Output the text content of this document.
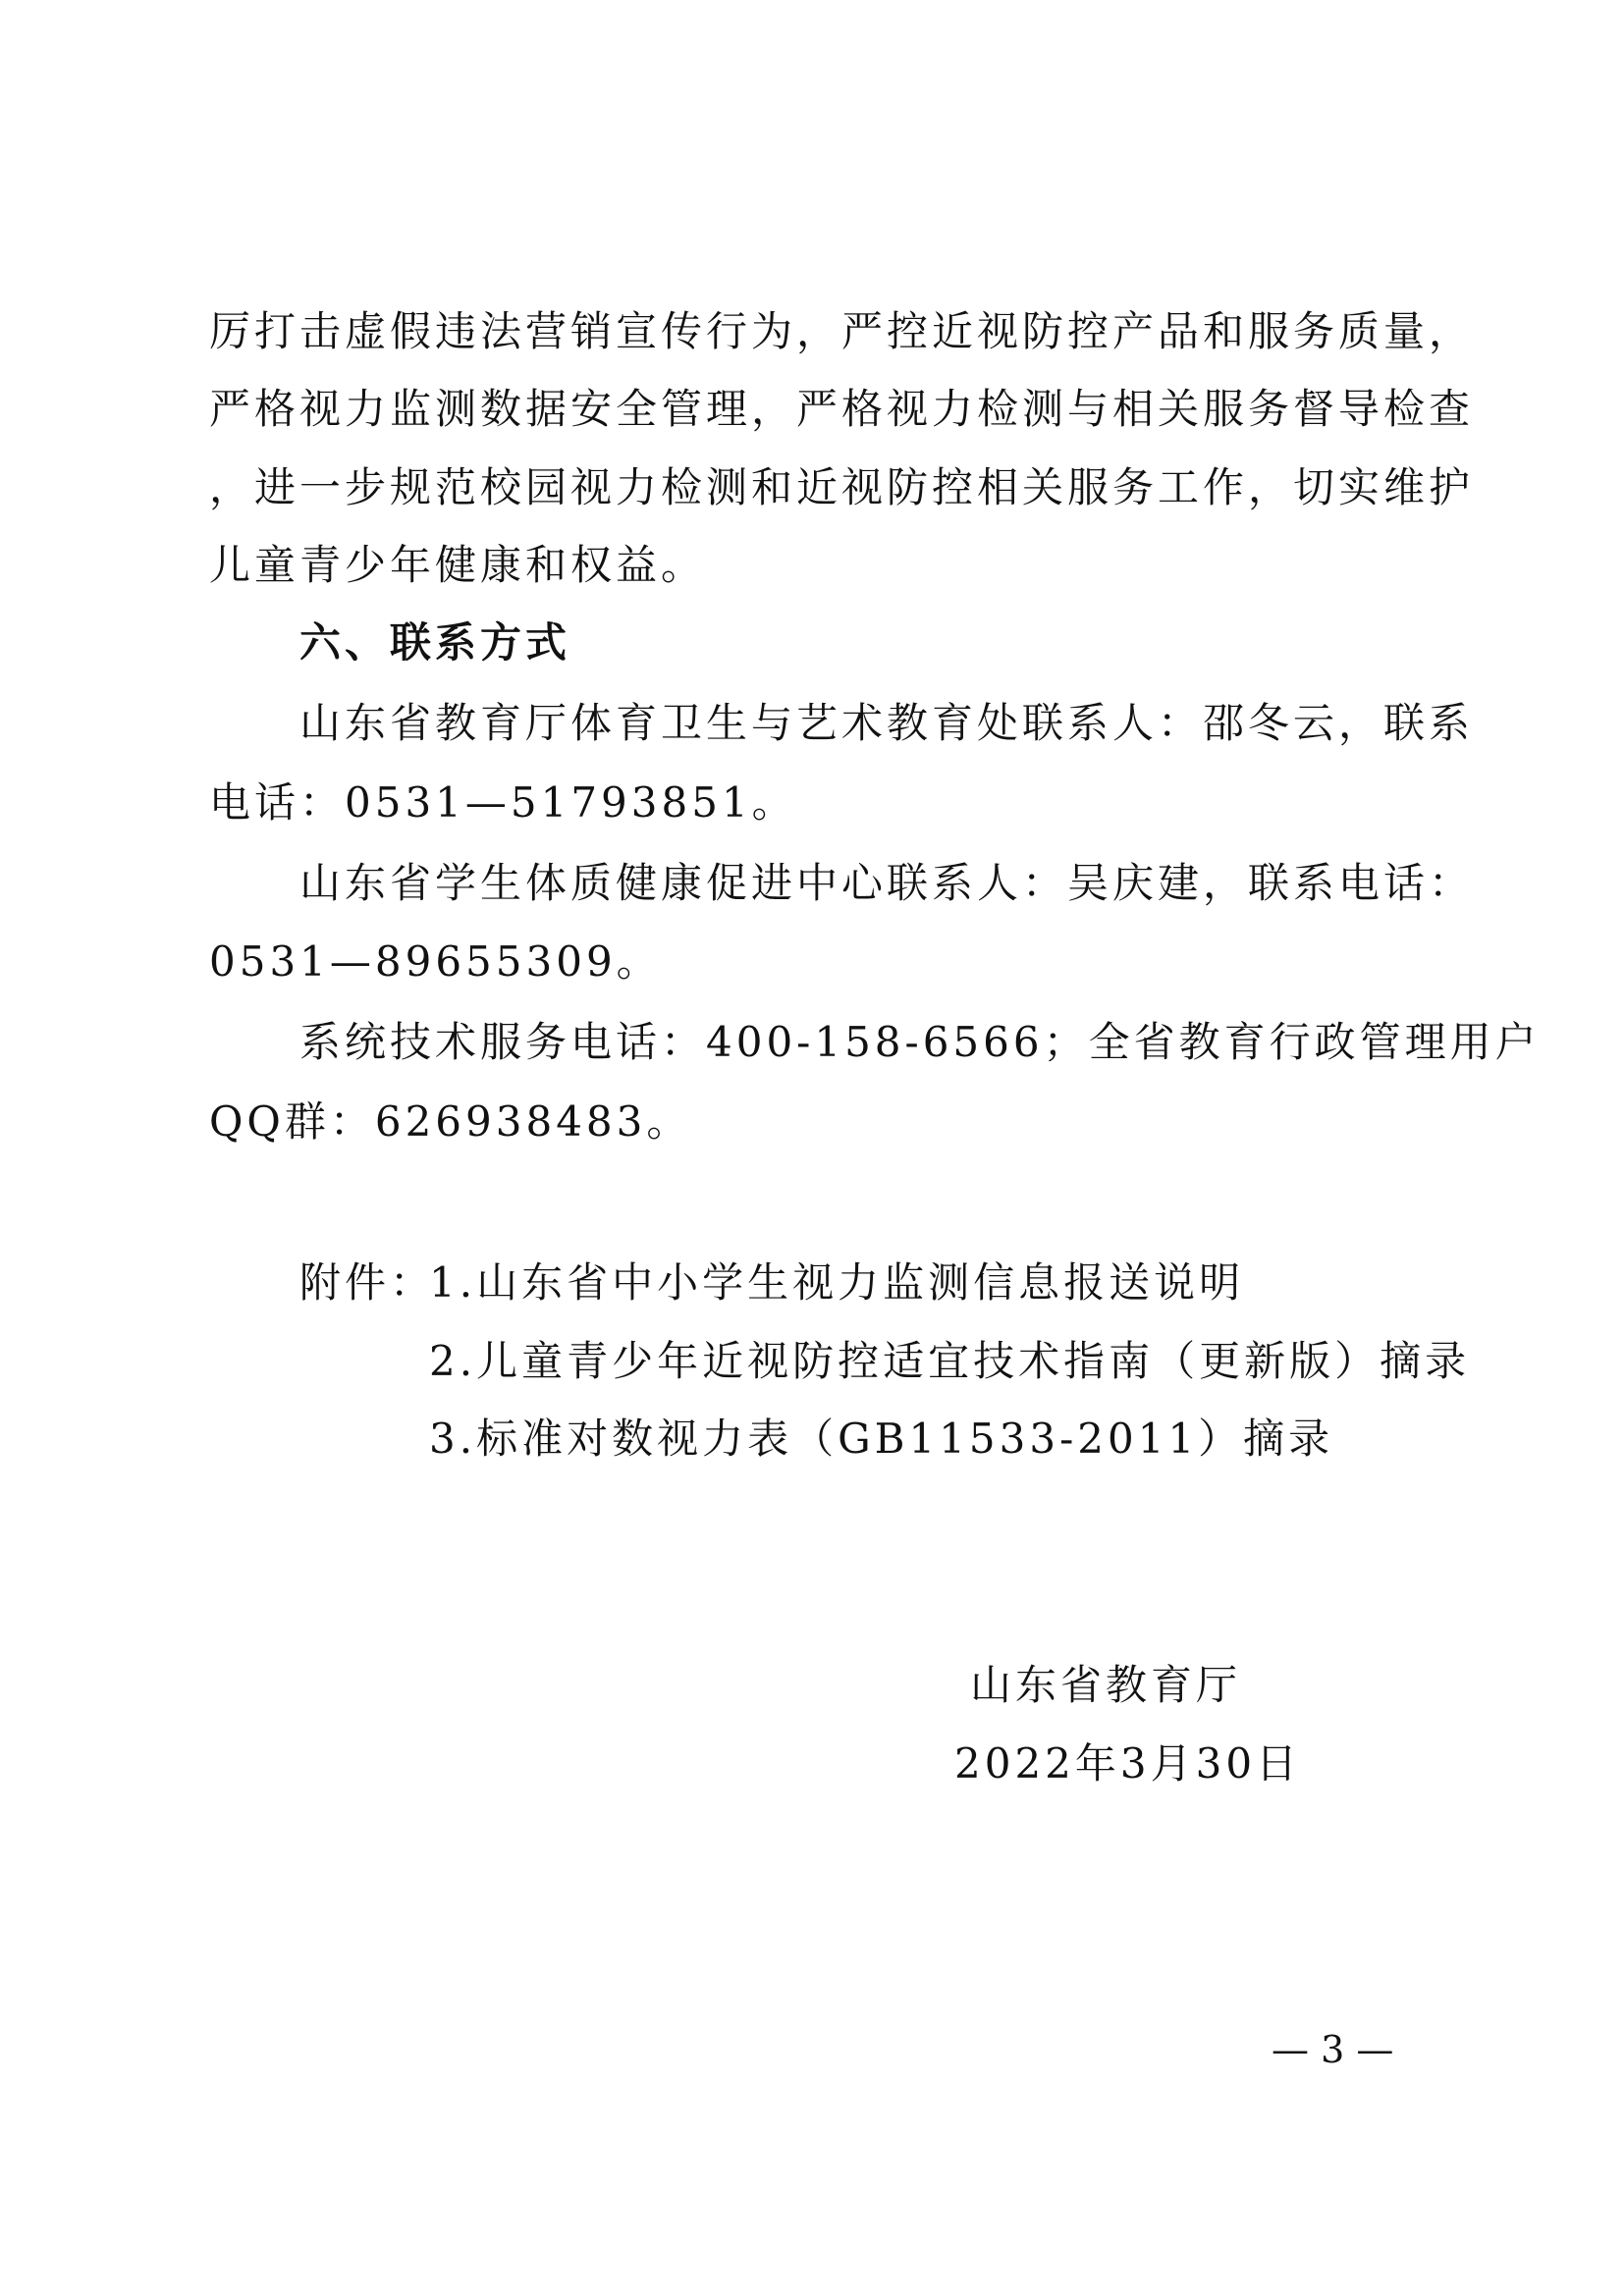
厉打击虚假违法营销宣传行为，严控近视防控产品和服务质量，
严格视力监测数据安全管理，严格视力检测与相关服务督导检查
，进一步规范校园视力检测和近视防控相关服务工作，切实维护
儿童青少年健康和权益。
六、联系方式
山东省教育厅体育卫生与艺术教育处联系人：邵冬云，联系
电话：0531—51793851。
山东省学生体质健康促进中心联系人：吴庆建，联系电话：
0531—89655309。
系统技术服务电话：400-158-6566；全省教育行政管理用户
QQ群：626938483。
附件：
1.山东省中小学生视力监测信息报送说明
2.儿童青少年近视防控适宜技术指南（更新版）摘录
3.标准对数视力表（GB11533-2011）摘录
山东省教育厅
2022年3月30日
— 3 —
